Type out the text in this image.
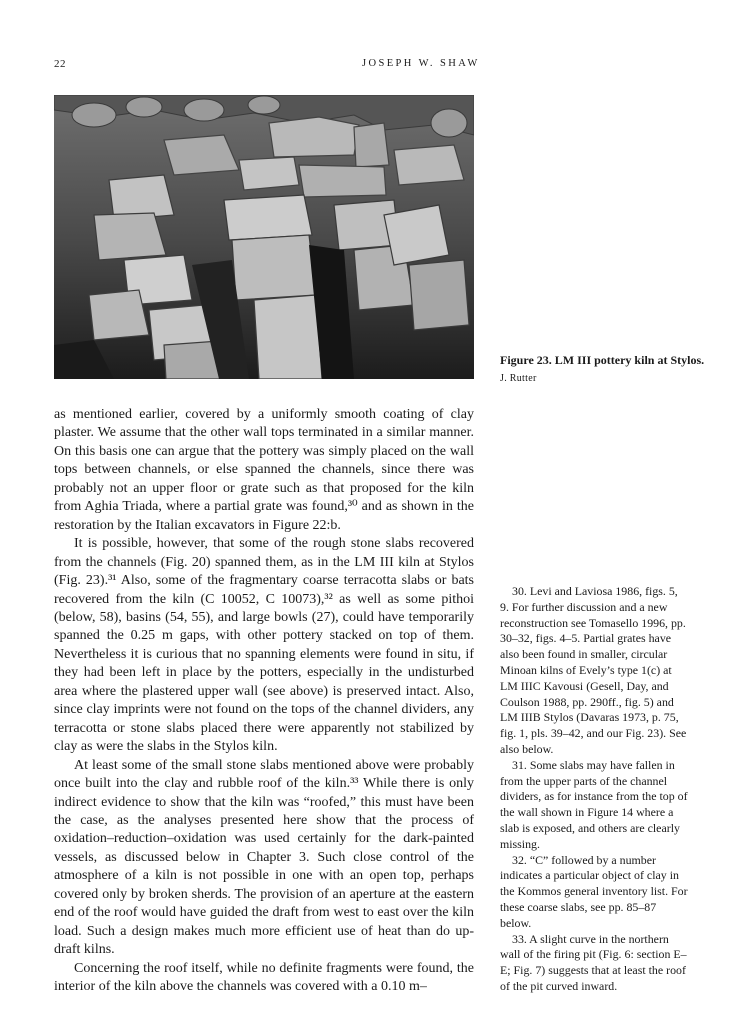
22	JOSEPH W. SHAW
Figure 23. LM III pottery kiln at Stylos. J. Rutter

as mentioned earlier, covered by a uniformly smooth coating of clay plaster. We assume that the other wall tops terminated in a similar manner. On this basis one can argue that the pottery was simply placed on the wall tops between channels, or else spanned the channels, since there was probably not an upper floor or grate such as that proposed for the kiln from Aghia Triada, where a partial grate was found,³⁰ and as shown in the restoration by the Italian excavators in Figure 22:b.

It is possible, however, that some of the rough stone slabs recovered from the channels (Fig. 20) spanned them, as in the LM III kiln at Stylos (Fig. 23).³¹ Also, some of the fragmentary coarse terracotta slabs or bats recovered from the kiln (C 10052, C 10073),³² as well as some pithoi (below, 58), basins (54, 55), and large bowls (27), could have temporarily spanned the 0.25 m gaps, with other pottery stacked on top of them. Nevertheless it is curious that no spanning elements were found in situ, if they had been left in place by the potters, especially in the undisturbed area where the plastered upper wall (see above) is preserved intact. Also, since clay imprints were not found on the tops of the channel dividers, any terracotta or stone slabs placed there were apparently not stabilized by clay as were the slabs in the Stylos kiln.

At least some of the small stone slabs mentioned above were probably once built into the clay and rubble roof of the kiln.³³ While there is only indirect evidence to show that the kiln was “roofed,” this must have been the case, as the analyses presented here show that the process of oxidation–reduction–oxidation was used certainly for the dark-painted vessels, as discussed below in Chapter 3. Such close control of the atmosphere of a kiln is not possible in one with an open top, perhaps covered only by broken sherds. The provision of an aperture at the eastern end of the roof would have guided the draft from west to east over the kiln load. Such a design makes much more efficient use of heat than do up-draft kilns.

Concerning the roof itself, while no definite fragments were found, the interior of the kiln above the channels was covered with a 0.10 m–

30. Levi and Laviosa 1986, figs. 5, 9. For further discussion and a new reconstruction see Tomasello 1996, pp. 30–32, figs. 4–5. Partial grates have also been found in smaller, circular Minoan kilns of Evely’s type 1(c) at LM IIIC Kavousi (Gesell, Day, and Coulson 1988, pp. 290ff., fig. 5) and LM IIIB Stylos (Davaras 1973, p. 75, fig. 1, pls. 39–42, and our Fig. 23). See also below.

31. Some slabs may have fallen in from the upper parts of the channel dividers, as for instance from the top of the wall shown in Figure 14 where a slab is exposed, and others are clearly missing.

32. “C” followed by a number indicates a particular object of clay in the Kommos general inventory list. For these coarse slabs, see pp. 85–87 below.

33. A slight curve in the northern wall of the firing pit (Fig. 6: section E–E; Fig. 7) suggests that at least the roof of the pit curved inward.
